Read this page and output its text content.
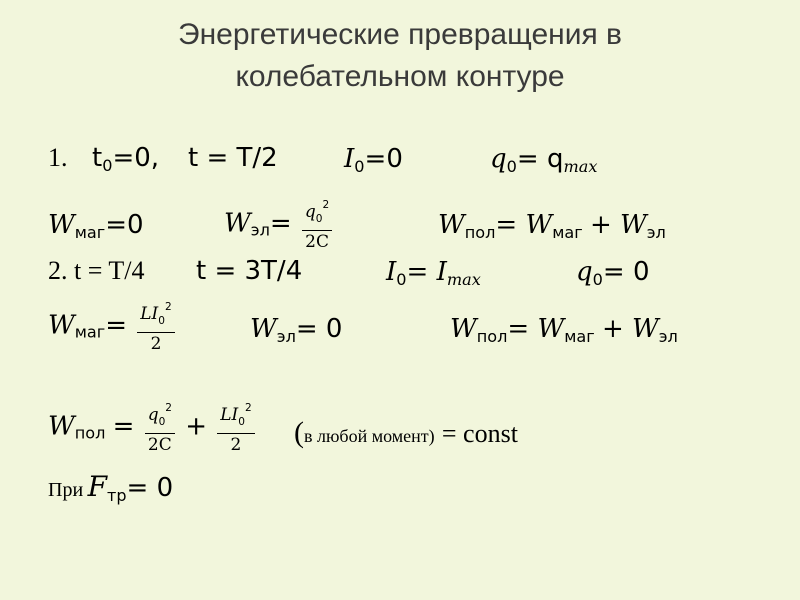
Энергетические превращения в
колебательном контуре
1. $t_0=0$, t = T/2	$I_0=0$	$q_0= q_{max}$
$W_{маг}=0$	$W_{эл}= \frac{q_0^2}{2C}$	$W_{пол}= W_{маг} + W_{эл}$
2. t = T/4 t = 3T/4	$I_0= I_{max}$	$q_0= 0$
$W_{маг}= \frac{LI_0^2}{2}$	$W_{эл}= 0$	$W_{пол}= W_{маг} + W_{эл}$
$W_{пол} = \frac{q_0^2}{2C} + \frac{LI_0^2}{2} (в$ любой момент) = const
При $F_{тр}= 0$
